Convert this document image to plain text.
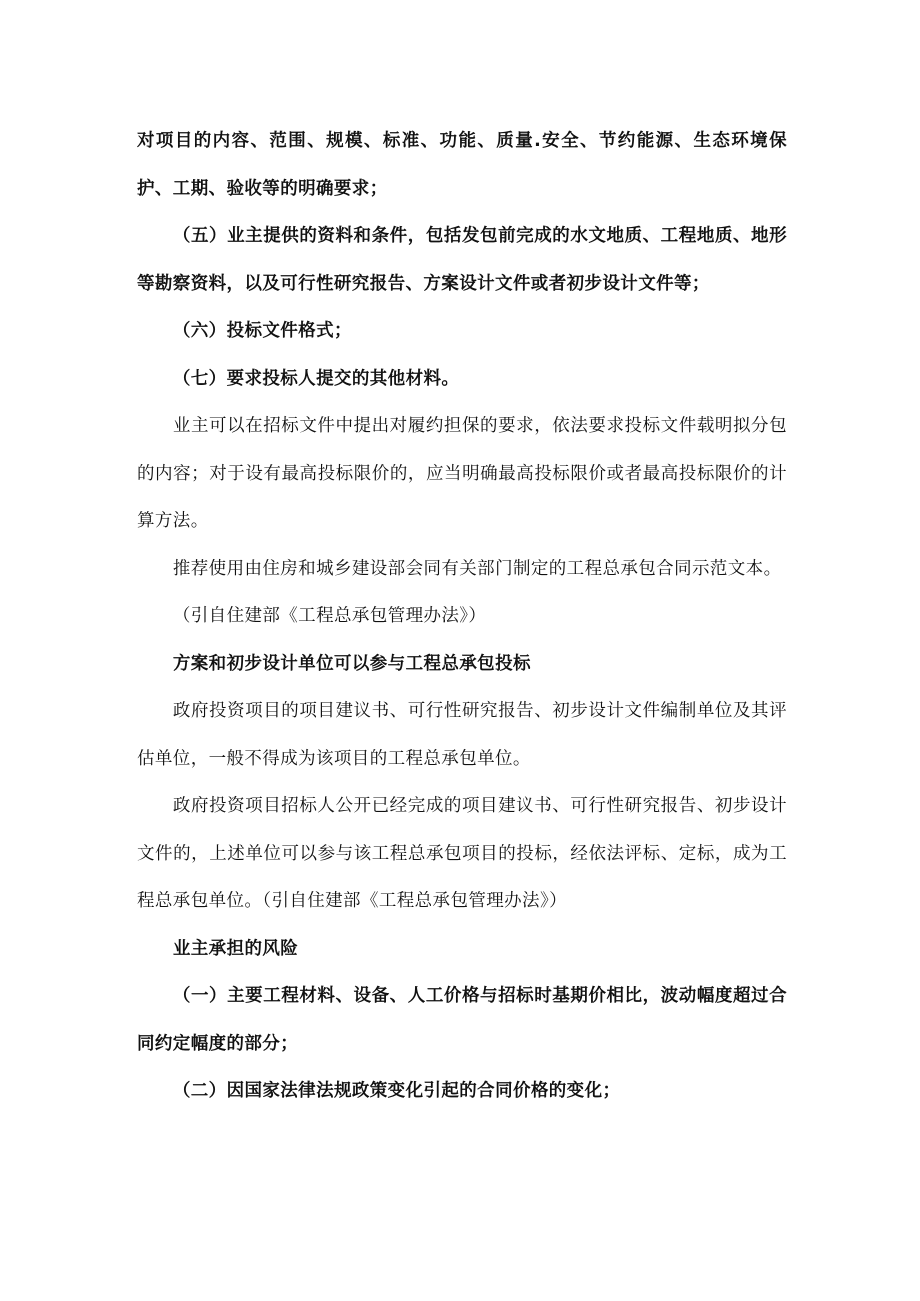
对项目的内容、范围、规模、标准、功能、质量.安全、节约能源、生态环境保护、工期、验收等的明确要求；

（五）业主提供的资料和条件，包括发包前完成的水文地质、工程地质、地形等勘察资料，以及可行性研究报告、方案设计文件或者初步设计文件等；

（六）投标文件格式；

（七）要求投标人提交的其他材料。

业主可以在招标文件中提出对履约担保的要求，依法要求投标文件载明拟分包的内容；对于设有最高投标限价的，应当明确最高投标限价或者最高投标限价的计算方法。

推荐使用由住房和城乡建设部会同有关部门制定的工程总承包合同示范文本。

（引自住建部《工程总承包管理办法》）

方案和初步设计单位可以参与工程总承包投标

政府投资项目的项目建议书、可行性研究报告、初步设计文件编制单位及其评估单位，一般不得成为该项目的工程总承包单位。

政府投资项目招标人公开已经完成的项目建议书、可行性研究报告、初步设计文件的，上述单位可以参与该工程总承包项目的投标，经依法评标、定标，成为工程总承包单位。（引自住建部《工程总承包管理办法》）

业主承担的风险

（一）主要工程材料、设备、人工价格与招标时基期价相比，波动幅度超过合同约定幅度的部分；

（二）因国家法律法规政策变化引起的合同价格的变化；
